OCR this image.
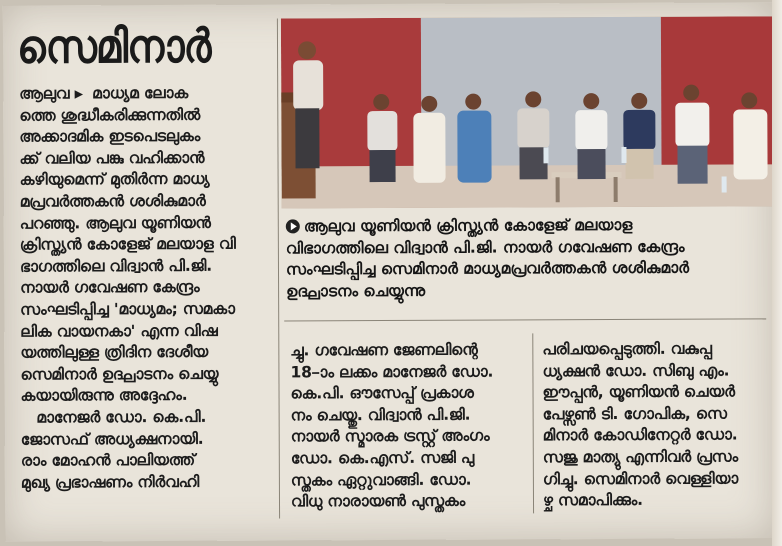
സെമിനാർ
ആലുവ ▶ മാധ്യമ ലോക
ത്തെ ശുദ്ധീകരിക്കുന്നതിൽ
അക്കാദമിക ഇടപെടലുകം
ക്ക് വലിയ പങ്കു വഹിക്കാൻ
കഴിയുമെന്ന് മുതിർന്ന മാധ്യ
മപ്രവർത്തകൻ ശശികുമാർ
പറഞ്ഞു. ആലുവ യൂണിയൻ
ക്രിസ്ത്യൻ കോളേജ് മലയാള വി
ഭാഗത്തിലെ വിദ്വാൻ പി.ജി.
നായർ ഗവേഷണ കേന്ദ്രം
സംഘടിപ്പിച്ച 'മാധ്യമം; സമകാ
ലിക വായനകാ' എന്ന വിഷ
യത്തിലുള്ള ത്രിദിന ദേശീയ
സെമിനാർ ഉദ്ഘാടനം ചെയ്യു
കയായിരുന്നു അദ്ദേഹം.
മാനേജർ ഡോ. കെ.പി.
ജോസഫ് അധ്യക്ഷനായി.
രാം മോഹൻ പാലിയത്ത്
മുഖ്യ പ്രഭാഷണം നിർവഹി
ആലുവ യൂണിയൻ ക്രിസ്ത്യൻ കോളേജ് മലയാള
വിഭാഗത്തിലെ വിദ്വാൻ പി.ജി. നായർ ഗവേഷണ കേന്ദ്രം
സംഘടിപ്പിച്ച സെമിനാർ മാധ്യമപ്രവർത്തകൻ ശശികുമാർ
ഉദ്ഘാടനം ചെയ്യുന്നു
ച്ചു. ഗവേഷണ ജേണലിന്റെ
18–ാം ലക്കം മാനേജർ ഡോ.
കെ.പി. ഔസേപ്പ് പ്രകാശ
നം ചെയ്തു. വിദ്വാൻ പി.ജി.
നായർ സ്മാരക ട്രസ്റ്റ് അംഗം
ഡോ. കെ.എസ്. സജി പു
സ്തകം ഏറ്റുവാങ്ങി. ഡോ.
വിധു നാരായൺ പുസ്തകം
പരിചയപ്പെടുത്തി. വകുപ്പ
ധ്യക്ഷൻ ഡോ. സിബു എം.
ഈപ്പൻ, യൂണിയൻ ചെയർ
പേഴ്സൺ ടി. ഗോപിക, സെ
മിനാർ കോഡിനേറ്റർ ഡോ.
സജു മാത്യു എന്നിവർ പ്രസം
ഗിച്ചു. സെമിനാർ വെള്ളിയാ
ഴ്ച സമാപിക്കും.
